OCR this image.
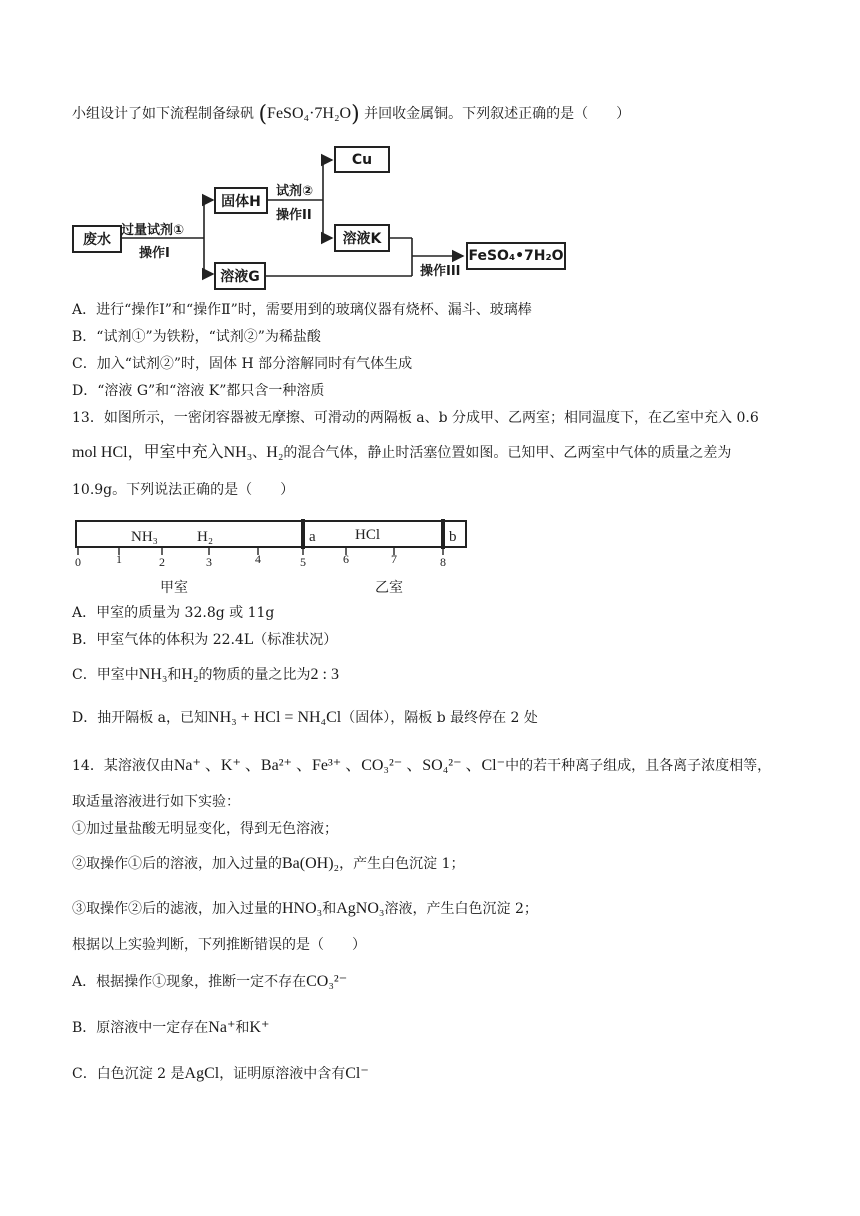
小组设计了如下流程制备绿矾 (FeSO₄·7H₂O) 并回收金属铜。下列叙述正确的是（　　）
废水
固体H
溶液G
Cu
溶液K
FeSO₄•7H₂O
过量试剂①
操作I
试剂②
操作II
操作III
A．进行“操作Ⅰ”和“操作Ⅱ”时，需要用到的玻璃仪器有烧杯、漏斗、玻璃棒
B．“试剂①”为铁粉，“试剂②”为稀盐酸
C．加入“试剂②”时，固体 H 部分溶解同时有气体生成
D．“溶液 G”和“溶液 K”都只含一种溶质
13．如图所示，一密闭容器被无摩擦、可滑动的两隔板 a、b 分成甲、乙两室；相同温度下，在乙室中充入 0.6
mol HCl，甲室中充入NH₃、H₂的混合气体，静止时活塞位置如图。已知甲、乙两室中气体的质量之差为
10.9g。下列说法正确的是（　　）
0	1	2	3	4	5	6	7	8
NH₃	H₂	HCl
a	b
甲室	乙室
A．甲室的质量为 32.8g 或 11g
B．甲室气体的体积为 22.4L（标准状况）
C．甲室中NH₃和H₂的物质的量之比为2 : 3
D．抽开隔板 a，已知NH₃ + HCl = NH₄Cl（固体），隔板 b 最终停在 2 处
14．某溶液仅由Na⁺ 、K⁺ 、Ba²⁺ 、Fe³⁺ 、CO₃²⁻ 、SO₄²⁻ 、Cl⁻中的若干种离子组成，且各离子浓度相等，
取适量溶液进行如下实验：
①加过量盐酸无明显变化，得到无色溶液；
②取操作①后的溶液，加入过量的Ba(OH)₂，产生白色沉淀 1；
③取操作②后的滤液，加入过量的HNO₃和AgNO₃溶液，产生白色沉淀 2；
根据以上实验判断，下列推断错误的是（　　）
A．根据操作①现象，推断一定不存在CO₃²⁻
B．原溶液中一定存在Na⁺和K⁺
C．白色沉淀 2 是AgCl，证明原溶液中含有Cl⁻
